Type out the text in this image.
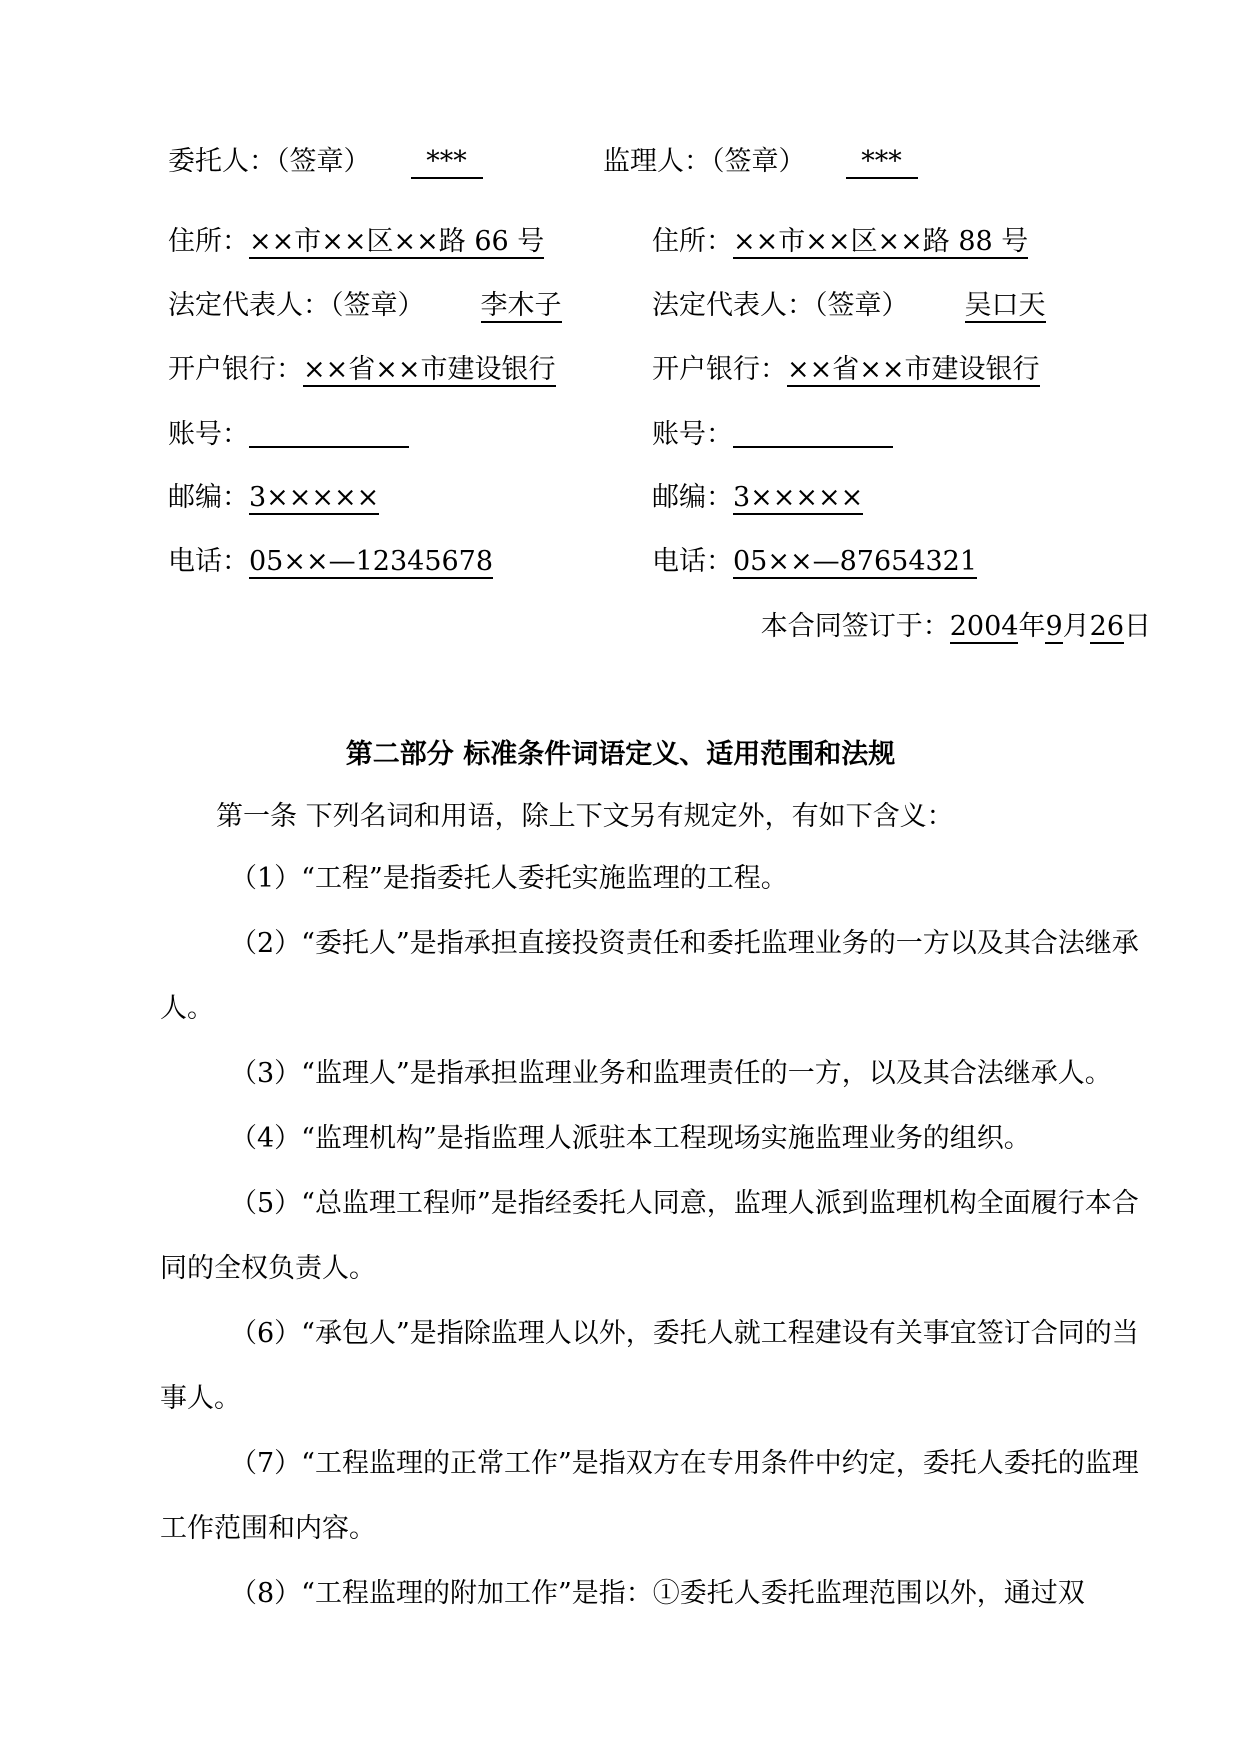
委托人：（签章） ***	监理人：（签章） ***
住所：××市××区××路 66 号	住所：××市××区××路 88 号
法定代表人：（签章） 李木子	法定代表人：（签章） 吴口天
开户银行：××省××市建设银行	开户银行：××省××市建设银行
账号：	账号：
邮编：3×××××	邮编：3×××××
电话：05××—12345678	电话：05××—87654321
本合同签订于：2004年9月26日
第二部分 标准条件词语定义、适用范围和法规
第一条 下列名词和用语，除上下文另有规定外，有如下含义：
（1）“工程”是指委托人委托实施监理的工程。
（2）“委托人”是指承担直接投资责任和委托监理业务的一方以及其合法继承人。
（3）“监理人”是指承担监理业务和监理责任的一方，以及其合法继承人。
（4）“监理机构”是指监理人派驻本工程现场实施监理业务的组织。
（5）“总监理工程师”是指经委托人同意，监理人派到监理机构全面履行本合同的全权负责人。
（6）“承包人”是指除监理人以外，委托人就工程建设有关事宜签订合同的当事人。
（7）“工程监理的正常工作”是指双方在专用条件中约定，委托人委托的监理工作范围和内容。
（8）“工程监理的附加工作”是指：①委托人委托监理范围以外，通过双
